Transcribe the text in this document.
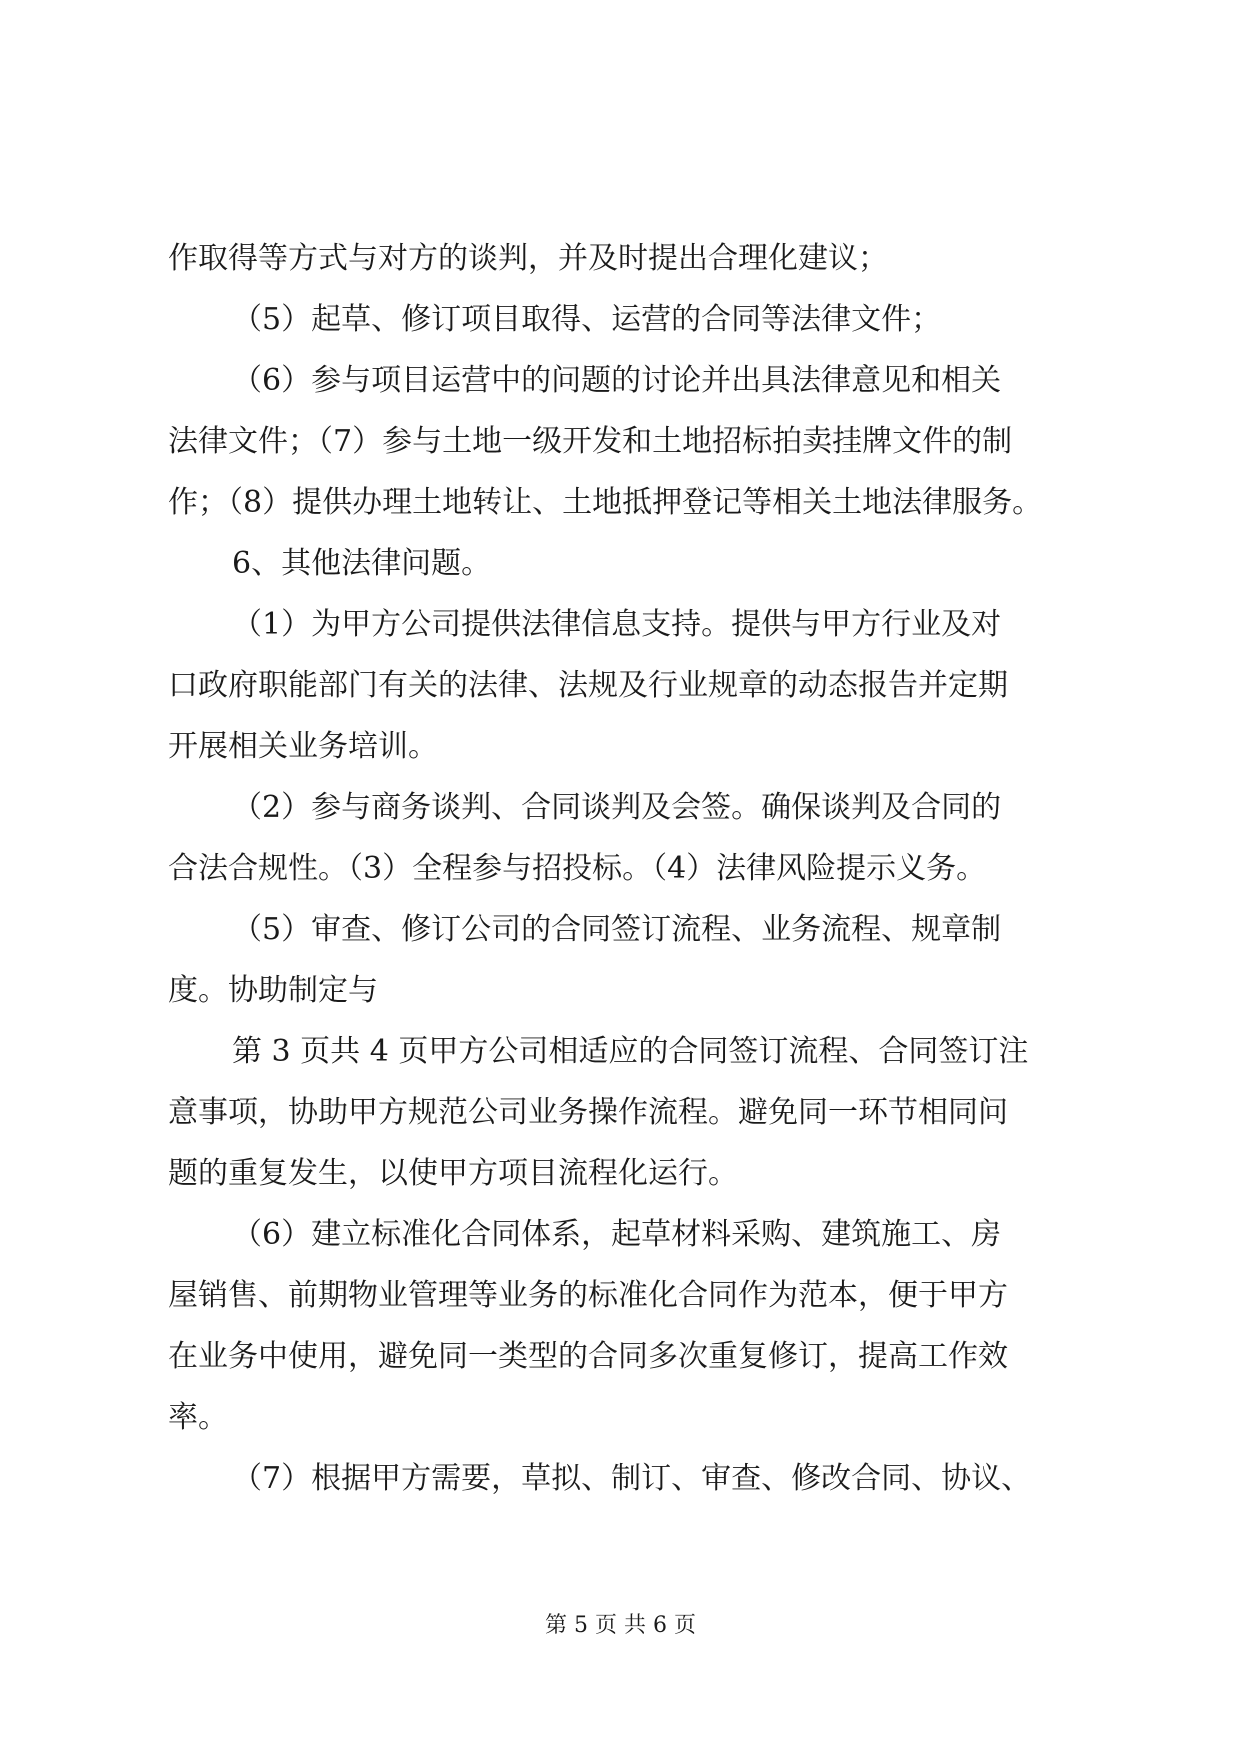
作取得等方式与对方的谈判，并及时提出合理化建议；
（5）起草、修订项目取得、运营的合同等法律文件；
（6）参与项目运营中的问题的讨论并出具法律意见和相关
法律文件；（7）参与土地一级开发和土地招标拍卖挂牌文件的制
作；（8）提供办理土地转让、土地抵押登记等相关土地法律服务。
6、其他法律问题。
（1）为甲方公司提供法律信息支持。提供与甲方行业及对
口政府职能部门有关的法律、法规及行业规章的动态报告并定期
开展相关业务培训。
（2）参与商务谈判、合同谈判及会签。确保谈判及合同的
合法合规性。（3）全程参与招投标。（4）法律风险提示义务。
（5）审查、修订公司的合同签订流程、业务流程、规章制
度。协助制定与
第 3 页共 4 页甲方公司相适应的合同签订流程、合同签订注
意事项，协助甲方规范公司业务操作流程。避免同一环节相同问
题的重复发生，以使甲方项目流程化运行。
（6）建立标准化合同体系，起草材料采购、建筑施工、房
屋销售、前期物业管理等业务的标准化合同作为范本，便于甲方
在业务中使用，避免同一类型的合同多次重复修订，提高工作效
率。
（7）根据甲方需要，草拟、制订、审查、修改合同、协议、
第 5 页 共 6 页
